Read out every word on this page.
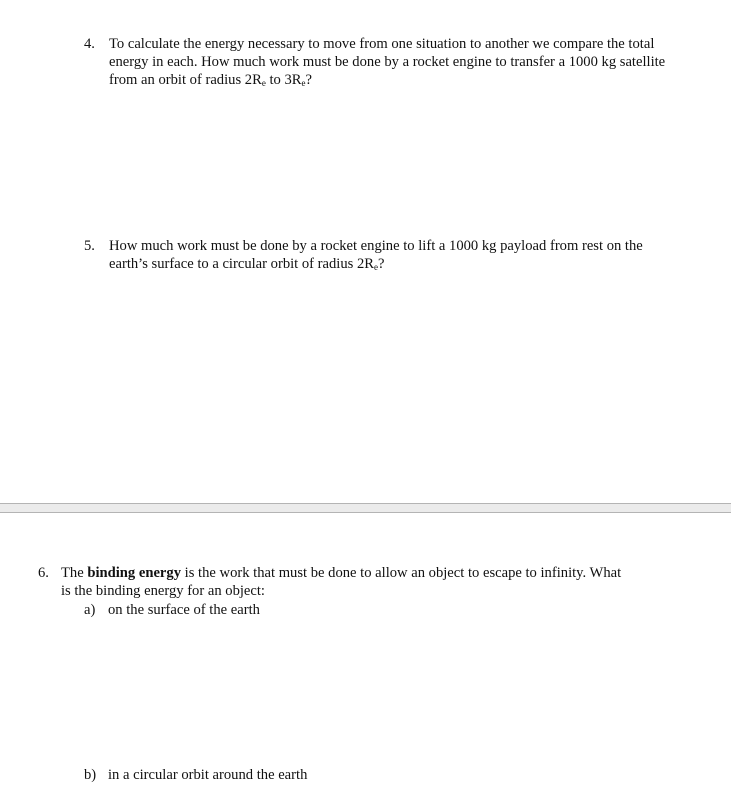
4. To calculate the energy necessary to move from one situation to another we compare the total
energy in each. How much work must be done by a rocket engine to transfer a 1000 kg satellite
from an orbit of radius $2R_e$ to $3R_e$?
5. How much work must be done by a rocket engine to lift a 1000 kg payload from rest on the
earth’s surface to a circular orbit of radius $2R_e$?
6. The binding energy is the work that must be done to allow an object to escape to infinity. What
is the binding energy for an object:
a) on the surface of the earth
b) in a circular orbit around the earth
